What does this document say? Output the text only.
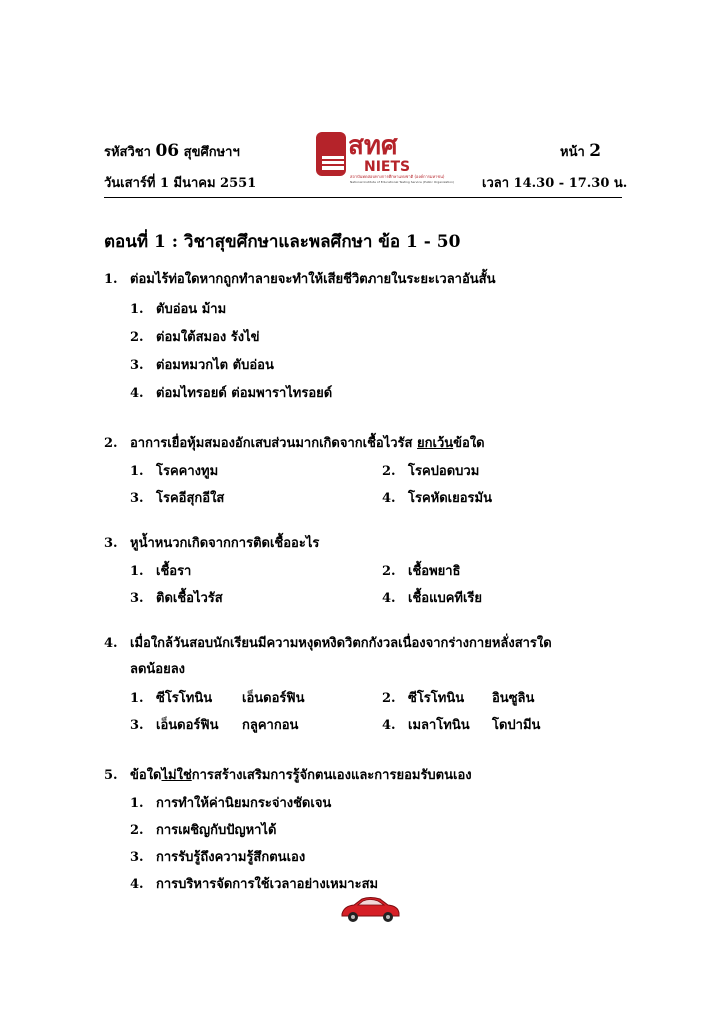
รหัสวิชา 06 สุขศึกษาฯ	หน้า 2
วันเสาร์ที่ 1 มีนาคม 2551	เวลา 14.30 - 17.30 น.
สทศ
NIETS
สถาบันทดสอบทางการศึกษาแห่งชาติ (องค์การมหาชน)
National Institute of Educational Testing Service (Public Organization)
ตอนที่ 1 : วิชาสุขศึกษาและพลศึกษา ข้อ 1 - 50
1. ต่อมไร้ท่อใดหากถูกทำลายจะทำให้เสียชีวิตภายในระยะเวลาอันสั้น
1. ตับอ่อน ม้าม
2. ต่อมใต้สมอง รังไข่
3. ต่อมหมวกไต ตับอ่อน
4. ต่อมไทรอยด์ ต่อมพาราไทรอยด์
2. อาการเยื่อหุ้มสมองอักเสบส่วนมากเกิดจากเชื้อไวรัส ยกเว้นข้อใด
1. โรคคางทูม	2. โรคปอดบวม
3. โรคอีสุกอีใส	4. โรคหัดเยอรมัน
3. หูน้ำหนวกเกิดจากการติดเชื้ออะไร
1. เชื้อรา	2. เชื้อพยาธิ
3. ติดเชื้อไวรัส	4. เชื้อแบคทีเรีย
4. เมื่อใกล้วันสอบนักเรียนมีความหงุดหงิดวิตกกังวลเนื่องจากร่างกายหลั่งสารใด
ลดน้อยลง
1. ซีโรโทนิน เอ็นดอร์ฟิน	2. ซีโรโทนิน อินซูลิน
3. เอ็นดอร์ฟิน กลูคากอน	4. เมลาโทนิน โดปามีน
5. ข้อใดไม่ใช่การสร้างเสริมการรู้จักตนเองและการยอมรับตนเอง
1. การทำให้ค่านิยมกระจ่างชัดเจน
2. การเผชิญกับปัญหาได้
3. การรับรู้ถึงความรู้สึกตนเอง
4. การบริหารจัดการใช้เวลาอย่างเหมาะสม
